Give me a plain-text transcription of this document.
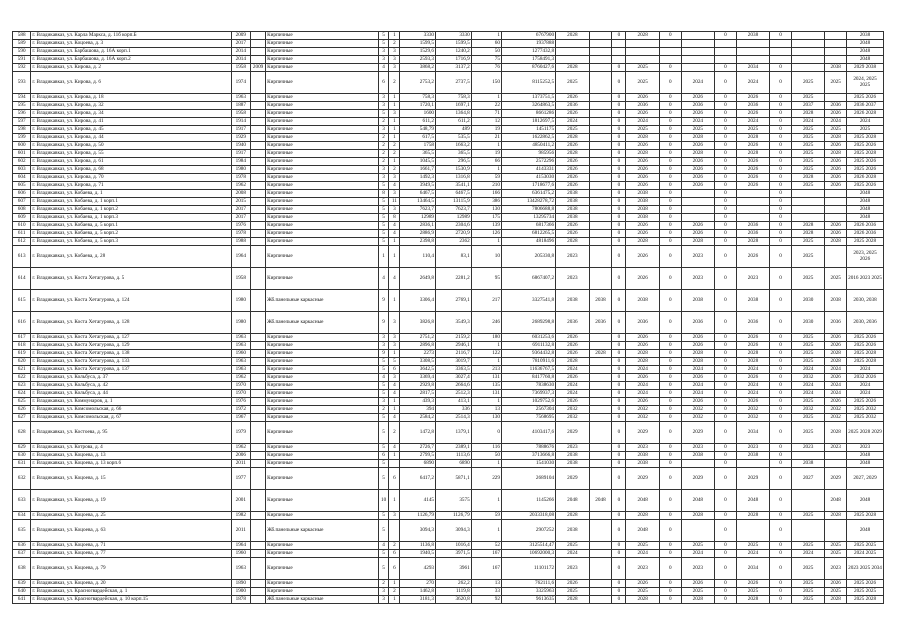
588	г. Владикавказ, ул. Карла Маркса, д. 11б корп.Б	2009		Кирпичные	5	1	3330	3330	1	6767900	2028		0	2028	0		0	2038	0			2038
589	г. Владикавказ, ул. Коцоева, д. 3	2017		Кирпичные	5	2	1599,5	1599,5	60	1937888												2048
590	г. Владикавказ, ул. Барбашова, д. 16А корп.1	2014		Кирпичные	3	3	1529,6	1240,2	50	1277432,8												2048
591	г. Владикавказ, ул. Барбашова, д. 16А корп.2	2014		Кирпичные	3	3	2593,3	1716,9	75	1758491,3												2048
592	г. Владикавказ, ул. Кирова, д. 2	1958	2009	Кирпичные	4	3	3868,2	3137,2	76	8760427,6	2028		0	2025	0		0	2034	0		2038	2029 2038
593	г. Владикавказ, ул. Кирова, д. 6	1974		Кирпичные	6	2	2753,2	2737,5	150	8115252,5	2025		0	2025	0	2024	0	2024	0	2025	2025	2024, 2025 2025
594	г. Владикавказ, ул. Кирова, д. 18	1963		Кирпичные	3	1	758,3	758,3	1	1373751,5	2026		0	2026	0	2026	0	2026	0	2025		2025 2026
595	г. Владикавказ, ул. Кирова, д. 32	1887		Кирпичные	3	1	1720,1	1697,1	22	3264863,5	2036		0	2036	0	2036	0	2036	0	2037	2036	2036 2037
596	г. Владикавказ, ул. Кирова, д. 34	1958		Кирпичные	5	3	1600	1364,8	71	8661286	2026		0	2026	0	2026	0	2026	0	2028	2026	2026 2028
597	г. Владикавказ, ул. Кирова, д. 41	1914		Кирпичные	2	1	611,2	611,2	12	1812697,5	2024		0	2024	0	2024	0	2024	0	2024	2024	2024
598	г. Владикавказ, ул. Кирова, д. 45	1917		Кирпичные	3	1	548,79	489	19	1451175	2025		0	2025	0	2025	0	2025	0	2025	2025	2025
599	г. Владикавказ, ул. Кирова, д. 44	1929		Кирпичные	2	1	617,5	535,5	21	1622862,5	2028		0	2028	0	2028	0	2028	0	2025	2028	2025 2028
600	г. Владикавказ, ул. Кирова, д. 50	1940		Кирпичные	2	2	1758	1663,2	1	4850411,2	2026		0	2026	0	2026	0	2026	0	2025	2026	2025 2026
601	г. Владикавказ, ул. Кирова, д. 55	1917		Кирпичные	2	2	365,5	365,5	19	985956	2028		0	2028	0	2028	0	2028	0	2025	2028	2025 2028
602	г. Владикавказ, ул. Кирова, д. 61	1984		Кирпичные	2	1	1045,5	296,5	66	2572296	2026		0	2026	0	2026	0	2026	0	2025	2026	2025 2026
603	г. Владикавказ, ул. Кирова, д. 68	1980		Кирпичные	3	2	1661,7	1530,9	1	4143331	2026		0	2026	0	2026	0	2026	0	2025	2026	2025 2026
604	г. Владикавказ, ул. Кирова, д. 70	1978		Кирпичные	3	3	1492,3	1316,8	59	4153030	2026		0	2026	0	2026	0	2026	0	2028	2026	2026 2028
605	г. Владикавказ, ул. Кирова, д. 71	1962		Кирпичные	5	4	3949,5	3541,1	210	1718677,6	2026		0	2026	0	2026	0	2026	0	2025	2026	2025 2026
606	г. Владикавказ, ул. Кобаева, д. 1	2008		Кирпичные	8	3	6467,5	6467,5	166	6361475,2	2038		0	2038	0		0		0			2048
607	г. Владикавказ, ул. Кобаева, д. 1 корп.1	2015		Кирпичные	5	11	13464,5	13115,9	386	13428278,72	2038		0	2038	0		0		0			2048
608	г. Владикавказ, ул. Кобаева, д. 1 корп.2	2017		Кирпичные	5	3	7623,7	7623,7	130	7806688,8	2038		0	2038	0		0		0			2048
609	г. Владикавказ, ул. Кобаева, д. 1 корп.3	2017		Кирпичные	5	8	12989	12989	175	13295734	2038		0	2038	0		0		0			2048
610	г. Владикавказ, ул. Кобаева, д. 5 корп.1	1976		Кирпичные	5	4	2836,1	2304,6	139	6817366	2026		0	2026	0	2026	0	2036	0	2028	2026	2026 2036
611	г. Владикавказ, ул. Кобаева, д. 5 корп.2	1978		Кирпичные	5	4	2886,9	2720,9	126	6812265,5	2026		0	2026	0	2026	0	2036	0	2028	2026	2026 2036
612	г. Владикавказ, ул. Кобаева, д. 5 корп.3	1988		Кирпичные	5	1	2398,8	2362	1	4818496	2028		0	2028	0	2028	0	2028	0	2025	2028	2025 2028
613	г. Владикавказ, ул. Кобаева, д. 28	1964		Кирпичные	1	1	110,4	83,1	10	205330,8	2023		0	2026	0	2023	0	2026	0	2025		2023, 2025 2026
614	г. Владикавказ, ул. Коста Хетагурова, д. 5	1958		Кирпичные	4	4	2649,8	2281,2	95	6867407,2	2023		0	2026	0	2023	0	2023	0	2025	2025	2016 2023 2025
615	г. Владикавказ, ул. Коста Хетагурова, д. 124	1980		Жб.панельные каркасные	9	1	3306,4	2769,1	217	3327541,8	2038	2038	0	2038	0	2038	0	2038	0	2030	2038	2030, 2038
616	г. Владикавказ, ул. Коста Хетагурова, д. 128	1980		Жб.панельные каркасные	9	3	3826,8	3549,3	246	2689298,8	2036	2036	0	2036	0	2036	0	2036	0	2030	2036	2030, 2036
617	г. Владикавказ, ул. Коста Хетагурова, д. 127	1963		Кирпичные	3	3	2751,2	2159,2	180	6031253,6	2026		0	2026	0	2026	0	2026	0	2025	2026	2025 2026
618	г. Владикавказ, ул. Коста Хетагурова, д. 129	1963		Кирпичные	3	3	2896,8	2946,1	1	6911132,8	2026		0	2026	0	2026	0	2026	0	2025	2026	2025 2026
619	г. Владикавказ, ул. Коста Хетагурова, д. 138	1960		Кирпичные	9	1	2273	2116,7	122	9364432,8	2026	2028	0	2028	0	2028	0	2028	0	2025	2028	2025 2028
620	г. Владикавказ, ул. Коста Хетагурова, д. 133	1963		Кирпичные	5	5	3308,5	3019,7	1	7810911,6	2028		0	2028	0	2028	0	2028	0	2025	2028	2025 2028
621	г. Владикавказ, ул. Коста Хетагурова, д. 137	1963		Кирпичные	5	6	3642,5	3363,5	213	11636767,5	2024		0	2024	0	2024	0	2024	0	2024	2024	2024
622	г. Владикавказ, ул. Кольбуса, д. 37	1962		Кирпичные	4	3	3369,4	3027,4	131	8417760,8	2026		0	2026	0	2026	0	2026	0	2032	2026	2032 2026
623	г. Владикавказ, ул. Кольбуса, д. 42	1970		Кирпичные	5	4	2929,8	2664,6	135	7838630	2024		0	2024	0	2024	0	2024	0	2024	2024	2024
624	г. Владикавказ, ул. Кольбуса, д. 44	1970		Кирпичные	5	4	2817,5	2512,3	131	7369937,3	2024		0	2024	0	2024	0	2024	0	2024	2024	2024
625	г. Владикавказ, ул. Коммунаров, д. 1	1976		Кирпичные	3	1	439,3	413,1	1	1029752,6	2026		0	2026	0	2026	0	2026	0	2025	2026	2025 2026
626	г. Владикавказ, ул. Комсомольская, д. 66	1972		Кирпичные	2	1	394	336	13	2567304	2032		0	2032	0	2032	0	2032	0	2032	2032	2025 2032
627	г. Владикавказ, ул. Комсомольская, д. 67	1967		Кирпичные	5	4	2584,2	2514,3	130	7568695	2032		0	2032	0	2032	0	2032	0	2025	2032	2025 2032
628	г. Владикавказ, ул. Костоева, д. 95	1979		Кирпичные	5	2	1472,8	1379,1	0	4103417,6	2029		0	2029	0	2029	0	2034	0	2025	2028	2025 2028 2029
629	г. Владикавказ, ул. Котрова, д. 4	1962		Кирпичные	5	4	2726,7	2389,1	116	7888676	2023		0	2023	0	2023	0	2023	0	2023	2023	2023
630	г. Владикавказ, ул. Коцоева, д. 13	2006		Кирпичные	6	1	2799,5	1113,6	50	3713666,8	2038		0	2038	0	2038	0	2038	0			2048
631	г. Владикавказ, ул. Коцоева, д. 13 корп.6	2011		Кирпичные	5		6890	6890	1	1541030	2038		0	2038	0		0		0	2038		2048
632	г. Владикавказ, ул. Коцоева, д. 15	1977		Кирпичные	5	6	6417,2	5871,1	229	2689104	2029		0	2029	0	2029	0	2029	0	2027	2029	2027, 2029
633	г. Владикавказ, ул. Коцоева, д. 19	2001		Кирпичные	10	1	4145	3575	1	1145266	2048	2048	0	2048	0	2048	0	2048	0		2048	2048
634	г. Владикавказ, ул. Коцоева, д. 25	1982		Кирпичные	5	3	1126,79	1126,79	59	2033318,08	2028		0	2028	0	2028	0	2028	0	2025	2028	2025 2028
635	г. Владикавказ, ул. Коцоева, д. 63	2011		Жб.панельные каркасные	5		3094,3	3094,3	1	2907252	2038		0	2048	0		0		0			2048
636	г. Владикавказ, ул. Коцоева, д. 71	1964		Кирпичные	4	2	1136,8	1016,4	52	3125514,47	2025		0	2025	0	2025	0	2025	0	2025	2025	2025 2025
637	г. Владикавказ, ул. Коцоева, д. 77	1960		Кирпичные	5	6	1940,5	3971,5	167	10692000,3	2024		0	2024	0	2024	0	2024	0	2024	2025	2024 2025
638	г. Владикавказ, ул. Коцоева, д. 79	1963		Кирпичные	5	6	4293	3961	167	11101172	2023		0	2023	0	2023	0	2034	0	2025	2023	2023 2025 2034
639	г. Владикавказ, ул. Коцоева, д. 20	1890		Кирпичные	2	1	270	262,2	13	762111,6	2026		0	2026	0	2026	0	2026	0	2025	2026	2025 2026
640	г. Владикавказ, ул. Красногвардейская, д. 1	1900		Кирпичные	3	2	1462,8	1119,8	33	3325963	2025		0	2025	0	2025	0	2025	0	2025	2025	2025 2025
641	г. Владикавказ, ул. Красногвардейская, д. 10 корп.15	1878		Жб.панельные каркасные	3	1	3181,3	3620,8	92	9613635	2028		0	2028	0	2028	0	2028	0	2025	2028	2025 2028
